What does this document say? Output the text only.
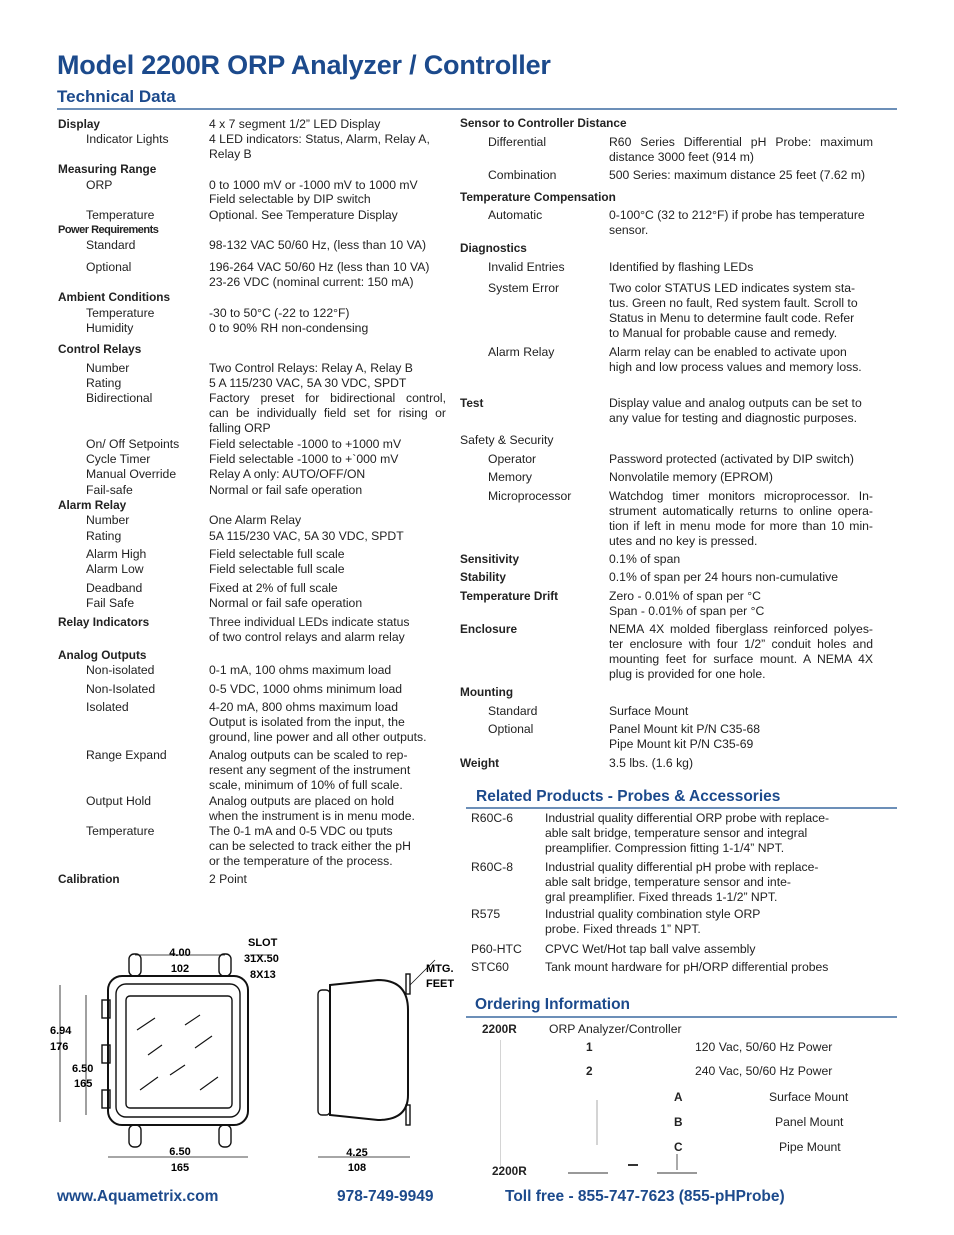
Model 2200R ORP Analyzer / Controller
Technical Data
Display	4 x 7 segment 1/2” LED Display
Indicator Lights	4 LED indicators: Status, Alarm, Relay A,
Relay B
Measuring Range
ORP	0 to 1000 mV or -1000 mV to 1000 mV
Field selectable by DIP switch
Temperature	Optional. See Temperature Display
Power Requirements
Standard	98-132 VAC 50/60 Hz, (less than 10 VA)
Optional	196-264 VAC 50/60 Hz (less than 10 VA)
23-26 VDC (nominal current: 150 mA)
Ambient Conditions
Temperature	-30 to 50°C (-22 to 122°F)
Humidity	0 to 90% RH non-condensing
Control Relays
Number	Two Control Relays: Relay A, Relay B
Rating	5 A 115/230 VAC, 5A 30 VDC, SPDT
Bidirectional	Factory preset for bidirectional control,
can be individually field set for rising or
falling ORP
On/ Off Setpoints Field selectable -1000 to +1000 mV
Cycle Timer	Field selectable -1000 to +`000 mV
Manual Override	Relay A only: AUTO/OFF/ON
Fail-safe	Normal or fail safe operation
Alarm Relay
Number	One Alarm Relay
Rating	5A 115/230 VAC, 5A 30 VDC, SPDT
Alarm High	Field selectable full scale
Alarm Low	Field selectable full scale
Deadband	Fixed at 2% of full scale
Fail Safe	Normal or fail safe operation
Relay Indicators	Three individual LEDs indicate status
of two control relays and alarm relay
Analog Outputs
Non-isolated	0-1 mA, 100 ohms maximum load
Non-Isolated	0-5 VDC, 1000 ohms minimum load
Isolated	4-20 mA, 800 ohms maximum load
Output is isolated from the input, the
ground, line power and all other outputs.
Range Expand	Analog outputs can be scaled to rep-
resent any segment of the instrument
scale, minimum of 10% of full scale.
Output Hold	Analog outputs are placed on hold
when the instrument is in menu mode.
Temperature	The 0-1 mA and 0-5 VDC ou tputs
can be selected to track either the pH
or the temperature of the process.
Calibration	2 Point
Sensor to Controller Distance
Differential	R60 Series Differential pH Probe: maximum
distance 3000 feet (914 m)
Combination	500 Series: maximum distance 25 feet (7.62 m)
Temperature Compensation
Automatic	0-100°C (32 to 212°F) if probe has temperature
sensor.
Diagnostics
Invalid Entries	Identified by flashing LEDs
System Error	Two color STATUS LED indicates system sta-
tus. Green no fault, Red system fault. Scroll to
Status in Menu to determine fault code. Refer
to Manual for probable cause and remedy.
Alarm Relay	Alarm relay can be enabled to activate upon
high and low process values and memory loss.
Test	Display value and analog outputs can be set to
any value for testing and diagnostic purposes.
Safety & Security
Operator	Password protected (activated by DIP switch)
Memory	Nonvolatile memory (EPROM)
Microprocessor	Watchdog timer monitors microprocessor. In-
strument automatically returns to online opera-
tion if left in menu mode for more than 10 min-
utes and no key is pressed.
Sensitivity	0.1% of span
Stability	0.1% of span per 24 hours non-cumulative
Temperature Drift	Zero - 0.01% of span per °C
Span - 0.01% of span per °C
Enclosure	NEMA 4X molded fiberglass reinforced polyes-
ter enclosure with four 1/2” conduit holes and
mounting feet for surface mount. A NEMA 4X
plug is provided for one hole.
Mounting
Standard	Surface Mount
Optional	Panel Mount kit P/N C35-68
Pipe Mount kit P/N C35-69
Weight	3.5 lbs. (1.6 kg)
Related Products - Probes & Accessories
R60C-6	Industrial quality differential ORP probe with replace-
able salt bridge, temperature sensor and integral
preamplifier. Compression fitting 1-1/4” NPT.
R60C-8	Industrial quality differential pH probe with replace-
able salt bridge, temperature sensor and inte-
gral preamplifier. Fixed threads 1-1/2” NPT.
R575	Industrial quality combination style ORP
probe. Fixed threads 1” NPT.
P60-HTC CPVC Wet/Hot tap ball valve assembly
STC60	Tank mount hardware for pH/ORP differential probes
Ordering Information
2200R	ORP Analyzer/Controller
1	120 Vac, 50/60 Hz Power
2	240 Vac, 50/60 Hz Power
A	Surface Mount
B	Panel Mount
C	Pipe Mount
2200R
4.00
102
SLOT
31X.50
8X13	MTG.
FEET
6.94
176
6.50
165
6.50
165
4.25
108
www.Aquametrix.com	978-749-9949	Toll free - 855-747-7623 (855-pHProbe)
